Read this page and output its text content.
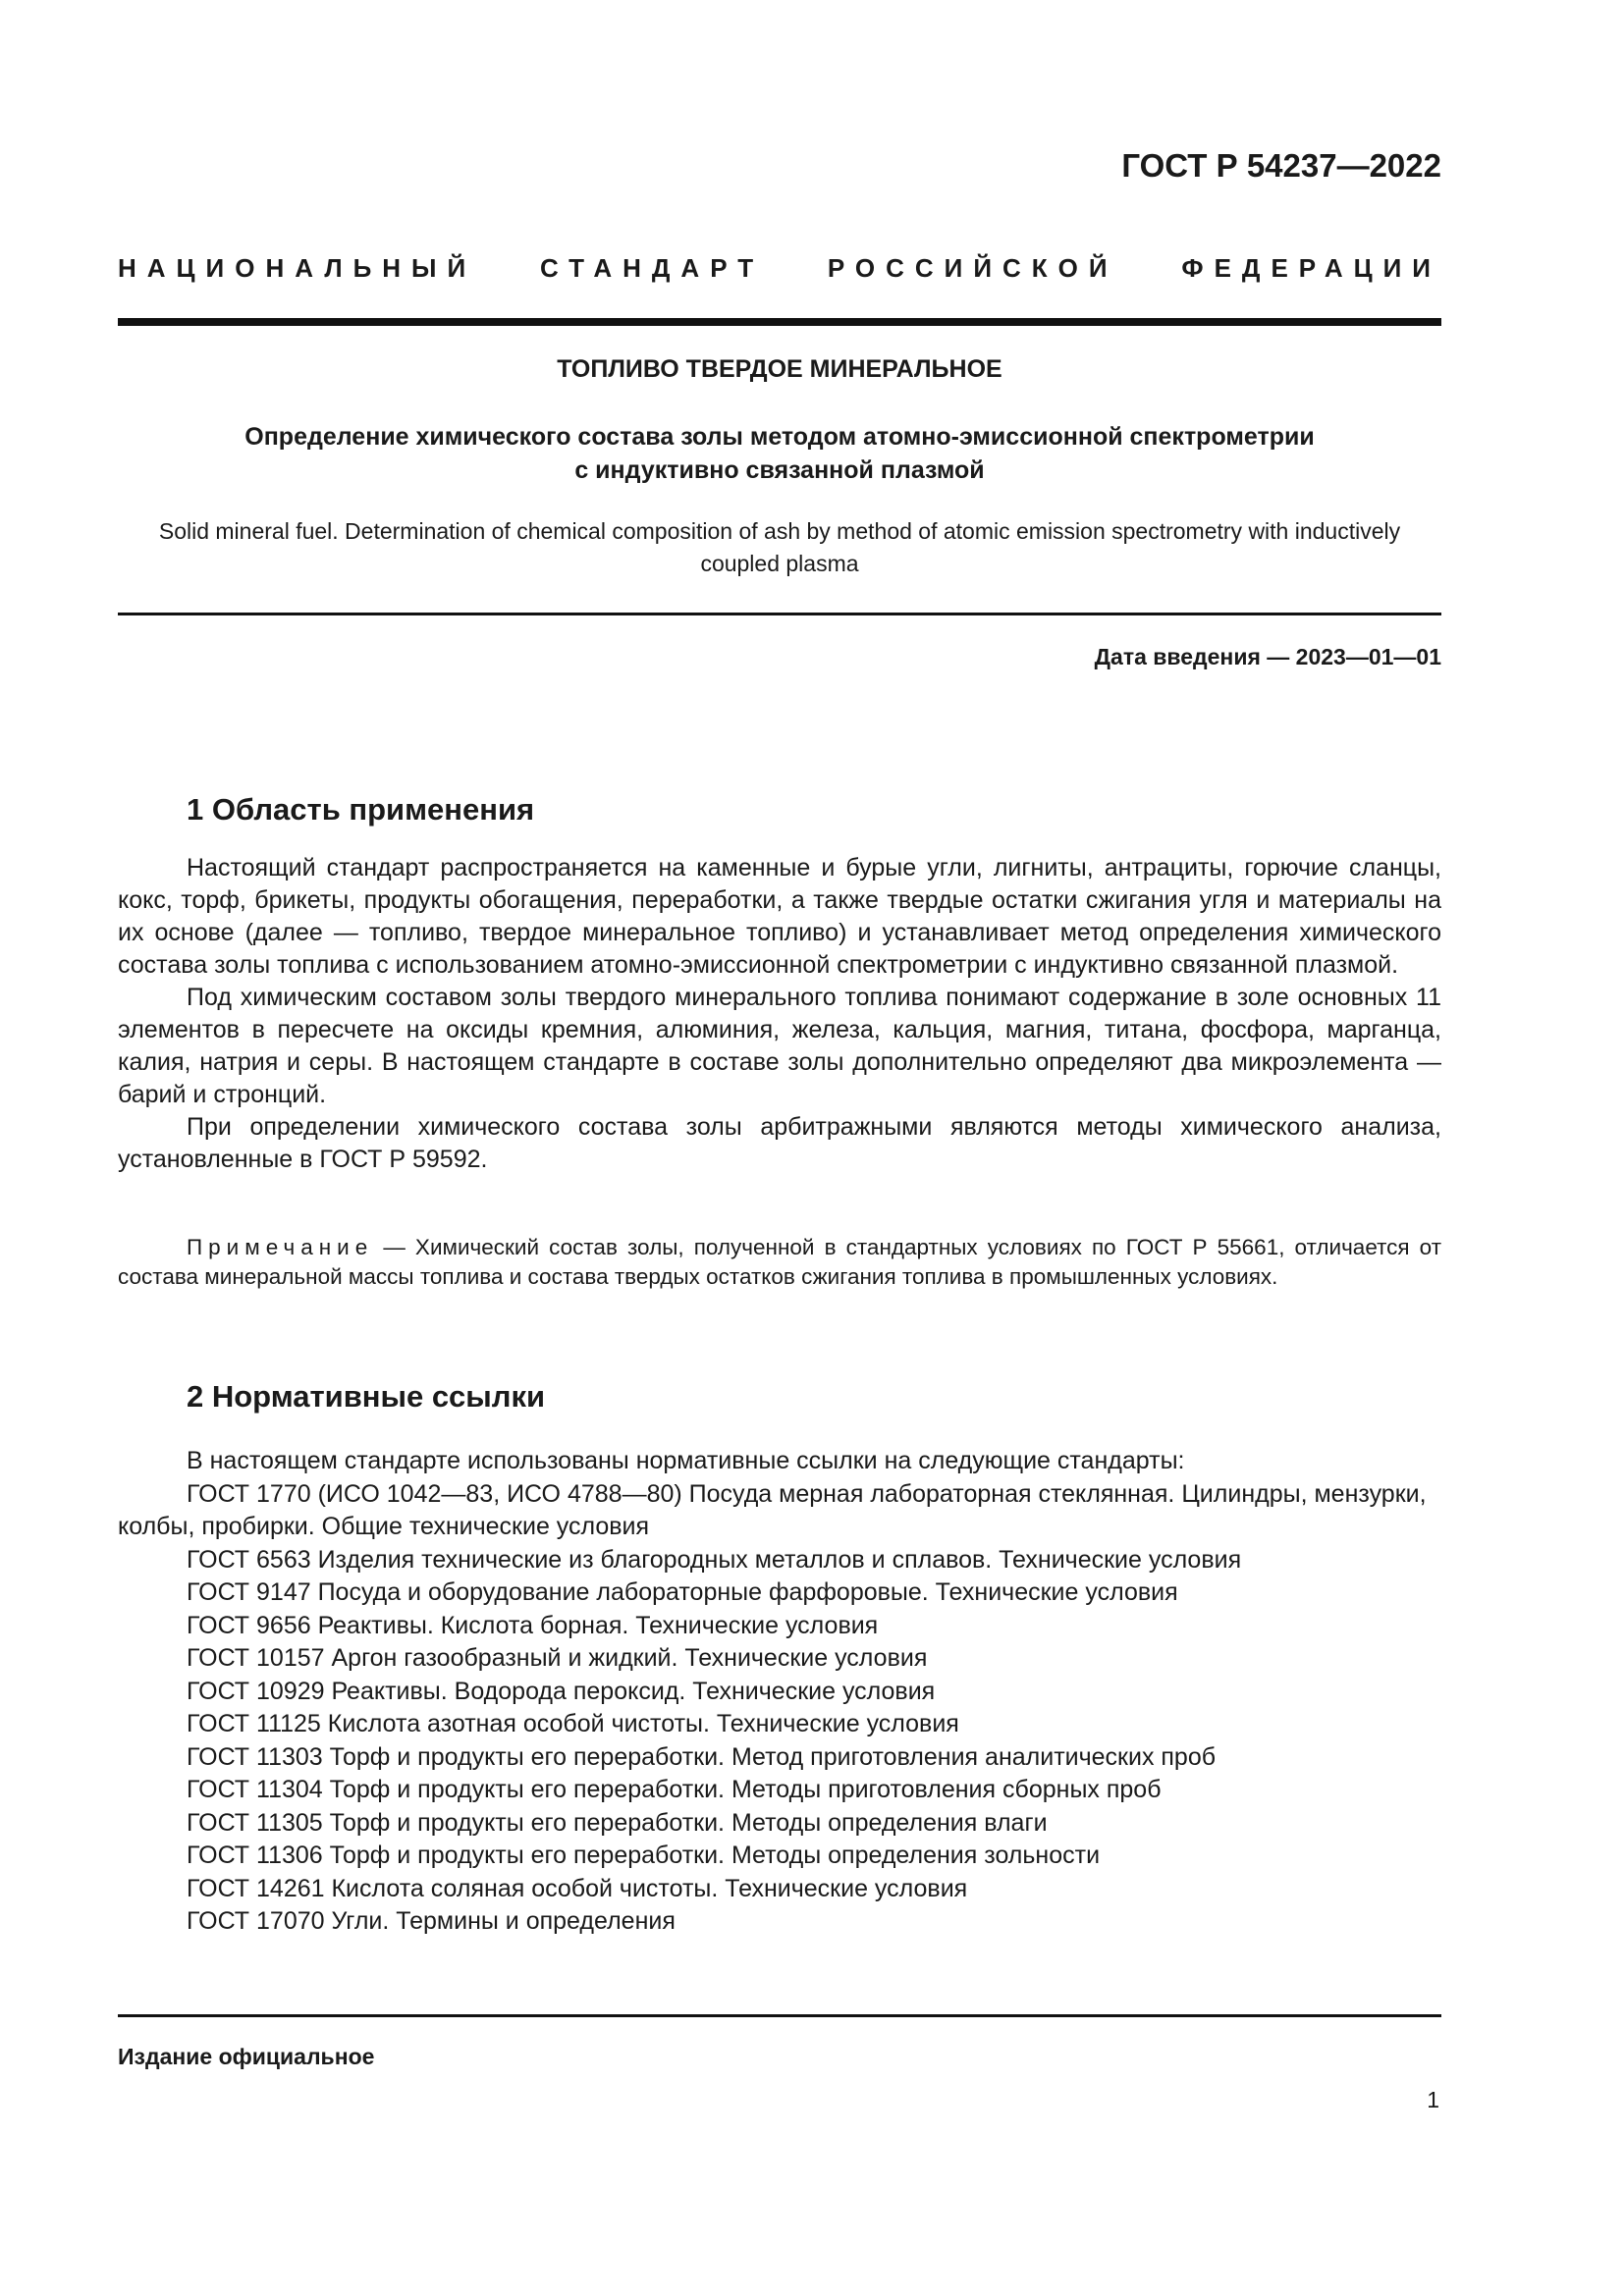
ГОСТ Р 54237—2022
НАЦИОНАЛЬНЫЙ СТАНДАРТ РОССИЙСКОЙ ФЕДЕРАЦИИ
ТОПЛИВО ТВЕРДОЕ МИНЕРАЛЬНОЕ
Определение химического состава золы методом атомно-эмиссионной спектрометрии
с индуктивно связанной плазмой
Solid mineral fuel. Determination of chemical composition of ash by method of atomic emission spectrometry with inductively coupled plasma
Дата введения — 2023—01—01
1 Область применения

Настоящий стандарт распространяется на каменные и бурые угли, лигниты, антрациты, горючие сланцы, кокс, торф, брикеты, продукты обогащения, переработки, а также твердые остатки сжигания угля и материалы на их основе (далее — топливо, твердое минеральное топливо) и устанавливает метод определения химического состава золы топлива с использованием атомно-эмиссионной спектрометрии с индуктивно связанной плазмой.

Под химическим составом золы твердого минерального топлива понимают содержание в золе основных 11 элементов в пересчете на оксиды кремния, алюминия, железа, кальция, магния, титана, фосфора, марганца, калия, натрия и серы. В настоящем стандарте в составе золы дополнительно определяют два микроэлемента — барий и стронций.

При определении химического состава золы арбитражными являются методы химического анализа, установленные в ГОСТ Р 59592.

Примечание — Химический состав золы, полученной в стандартных условиях по ГОСТ Р 55661, отличается от состава минеральной массы топлива и состава твердых остатков сжигания топлива в промышленных условиях.

2 Нормативные ссылки

В настоящем стандарте использованы нормативные ссылки на следующие стандарты:

ГОСТ 1770 (ИСО 1042—83, ИСО 4788—80) Посуда мерная лабораторная стеклянная. Цилиндры, мензурки, колбы, пробирки. Общие технические условия

ГОСТ 6563 Изделия технические из благородных металлов и сплавов. Технические условия

ГОСТ 9147 Посуда и оборудование лабораторные фарфоровые. Технические условия

ГОСТ 9656 Реактивы. Кислота борная. Технические условия

ГОСТ 10157 Аргон газообразный и жидкий. Технические условия

ГОСТ 10929 Реактивы. Водорода пероксид. Технические условия

ГОСТ 11125 Кислота азотная особой чистоты. Технические условия

ГОСТ 11303 Торф и продукты его переработки. Метод приготовления аналитических проб

ГОСТ 11304 Торф и продукты его переработки. Методы приготовления сборных проб

ГОСТ 11305 Торф и продукты его переработки. Методы определения влаги

ГОСТ 11306 Торф и продукты его переработки. Методы определения зольности

ГОСТ 14261 Кислота соляная особой чистоты. Технические условия

ГОСТ 17070 Угли. Термины и определения

Издание официальное
1
